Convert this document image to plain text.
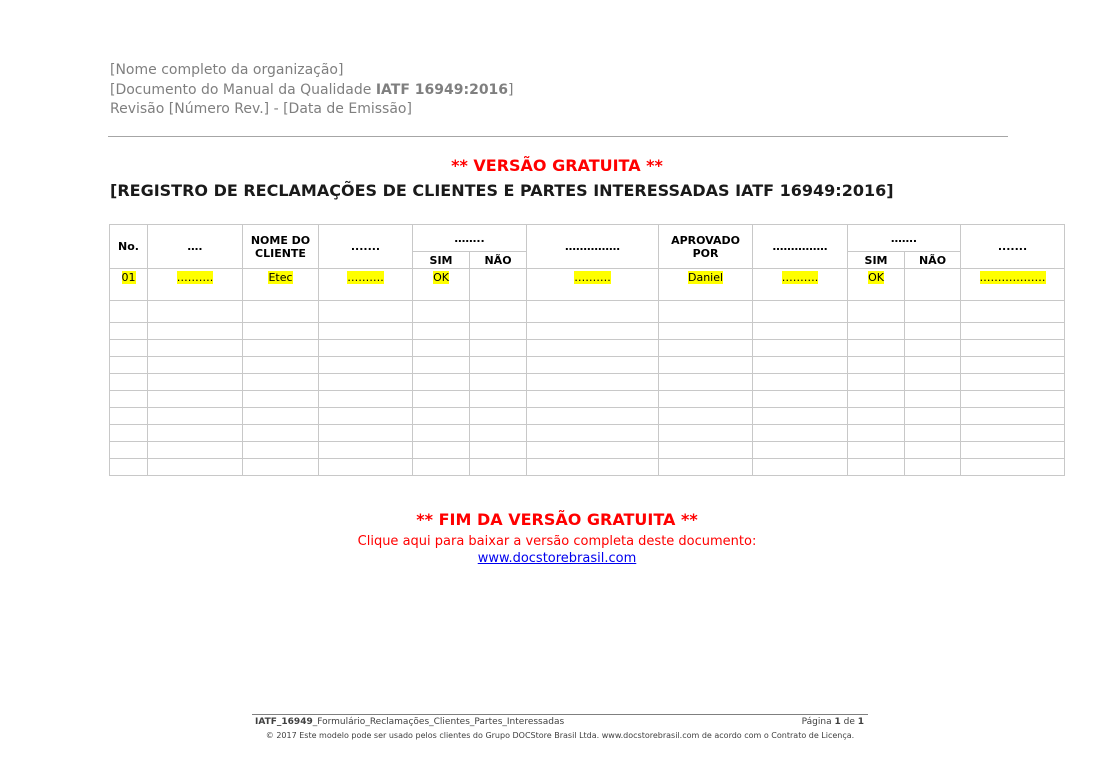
[Nome completo da organização]
[Documento do Manual da Qualidade IATF 16949:2016]
Revisão [Número Rev.] - [Data de Emissão]
** VERSÃO GRATUITA **
[REGISTRO DE RECLAMAÇÕES DE CLIENTES E PARTES INTERESSADAS IATF 16949:2016]
No.	….	NOME DO CLIENTE	.......	……..		……………	APROVADO POR	……………	…….		.......
				SIM	NÃO				SIM	NÃO	
01	……….	Etec	……….	OK		……….	Daniel	……….	OK		………………

** FIM DA VERSÃO GRATUITA **
Clique aqui para baixar a versão completa deste documento:
www.docstorebrasil.com
IATF_16949_Formulário_Reclamações_Clientes_Partes_Interessadas	Página 1 de 1
© 2017 Este modelo pode ser usado pelos clientes do Grupo DOCStore Brasil Ltda. www.docstorebrasil.com de acordo com o Contrato de Licença.
